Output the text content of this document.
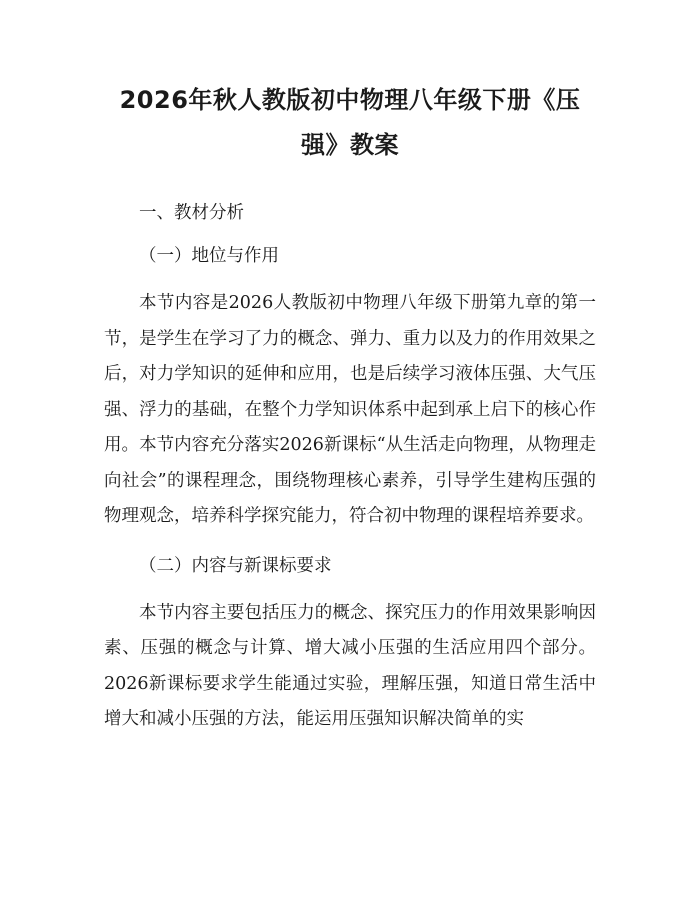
2026年秋人教版初中物理八年级下册《压强》教案

一、教材分析

（一）地位与作用

本节内容是2026人教版初中物理八年级下册第九章的第一节，是学生在学习了力的概念、弹力、重力以及力的作用效果之后，对力学知识的延伸和应用，也是后续学习液体压强、大气压强、浮力的基础，在整个力学知识体系中起到承上启下的核心作用。本节内容充分落实2026新课标“从生活走向物理，从物理走向社会”的课程理念，围绕物理核心素养，引导学生建构压强的物理观念，培养科学探究能力，符合初中物理的课程培养要求。

（二）内容与新课标要求

本节内容主要包括压力的概念、探究压力的作用效果影响因素、压强的概念与计算、增大减小压强的生活应用四个部分。2026新课标要求学生能通过实验，理解压强，知道日常生活中增大和减小压强的方法，能运用压强知识解决简单的实
